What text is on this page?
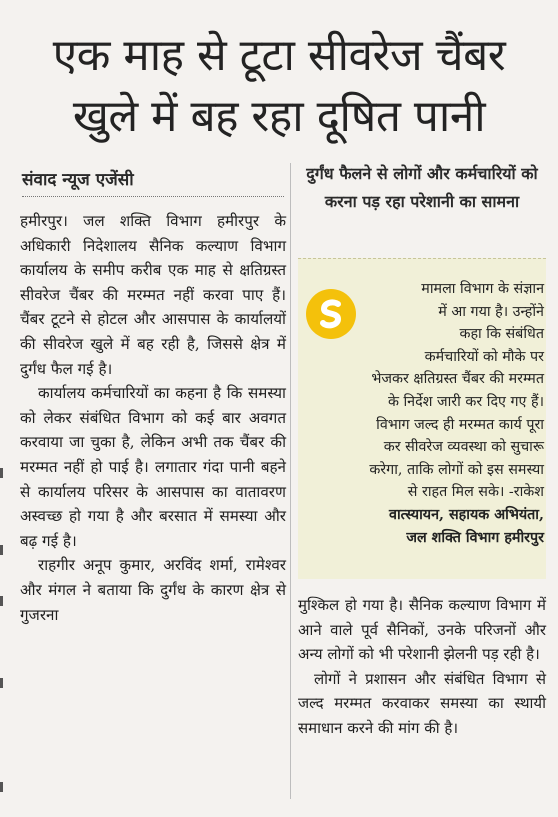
एक माह से टूटा सीवरेज चैंबर
खुले में बह रहा दूषित पानी
संवाद न्यूज एजेंसी

हमीरपुर। जल शक्ति विभाग हमीरपुर के अधिकारी निदेशालय सैनिक कल्याण विभाग कार्यालय के समीप करीब एक माह से क्षतिग्रस्त सीवरेज चैंबर की मरम्मत नहीं करवा पाए हैं। चैंबर टूटने से होटल और आसपास के कार्यालयों की सीवरेज खुले में बह रही है, जिससे क्षेत्र में दुर्गंध फैल गई है।

कार्यालय कर्मचारियों का कहना है कि समस्या को लेकर संबंधित विभाग को कई बार अवगत करवाया जा चुका है, लेकिन अभी तक चैंबर की मरम्मत नहीं हो पाई है। लगातार गंदा पानी बहने से कार्यालय परिसर के आसपास का वातावरण अस्वच्छ हो गया है और बरसात में समस्या और बढ़ गई है।

राहगीर अनूप कुमार, अरविंद शर्मा, रामेश्वर और मंगल ने बताया कि दुर्गंध के कारण क्षेत्र से गुजरना

दुर्गंध फैलने से लोगों और कर्मचारियों को करना पड़ रहा परेशानी का सामना
मामला विभाग के संज्ञान
में आ गया है। उन्होंने
कहा कि संबंधित
कर्मचारियों को मौके पर
भेजकर क्षतिग्रस्त चैंबर की मरम्मत
के निर्देश जारी कर दिए गए हैं।
विभाग जल्द ही मरम्मत कार्य पूरा
कर सीवरेज व्यवस्था को सुचारू
करेगा, ताकि लोगों को इस समस्या
से राहत मिल सके। -राकेश
वात्स्यायन, सहायक अभियंता,
जल शक्ति विभाग हमीरपुर

मुश्किल हो गया है। सैनिक कल्याण विभाग में आने वाले पूर्व सैनिकों, उनके परिजनों और अन्य लोगों को भी परेशानी झेलनी पड़ रही है।

लोगों ने प्रशासन और संबंधित विभाग से जल्द मरम्मत करवाकर समस्या का स्थायी समाधान करने की मांग की है।
